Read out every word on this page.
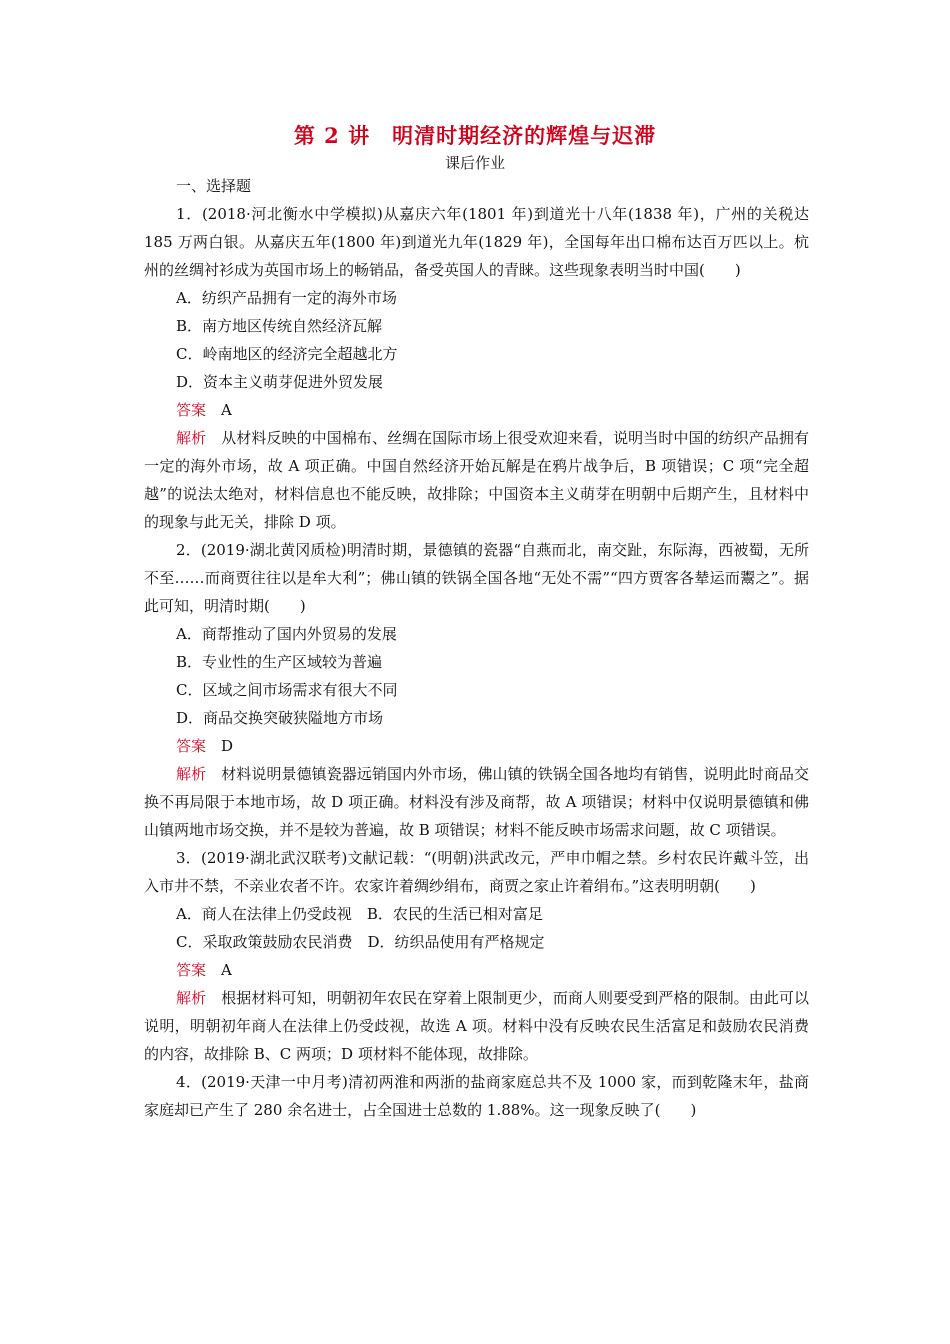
第 2 讲　明清时期经济的辉煌与迟滞
课后作业

一、选择题

1．(2018·河北衡水中学模拟)从嘉庆六年(1801 年)到道光十八年(1838 年)，广州的关税达 185 万两白银。从嘉庆五年(1800 年)到道光九年(1829 年)，全国每年出口棉布达百万匹以上。杭州的丝绸衬衫成为英国市场上的畅销品，备受英国人的青睐。这些现象表明当时中国(　　)

A．纺织产品拥有一定的海外市场

B．南方地区传统自然经济瓦解

C．岭南地区的经济完全超越北方

D．资本主义萌芽促进外贸发展

答案　 A

解析　 从材料反映的中国棉布、丝绸在国际市场上很受欢迎来看，说明当时中国的纺织产品拥有一定的海外市场，故 A 项正确。中国自然经济开始瓦解是在鸦片战争后，B 项错误；C 项“完全超越”的说法太绝对，材料信息也不能反映，故排除；中国资本主义萌芽在明朝中后期产生，且材料中的现象与此无关，排除 D 项。

2．(2019·湖北黄冈质检)明清时期，景德镇的瓷器“自燕而北，南交趾，东际海，西被蜀，无所不至……而商贾往往以是牟大利”；佛山镇的铁锅全国各地“无处不需”“四方贾客各辇运而鬻之”。据此可知，明清时期(　　)

A．商帮推动了国内外贸易的发展

B．专业性的生产区域较为普遍

C．区域之间市场需求有很大不同

D．商品交换突破狭隘地方市场

答案　 D

解析　 材料说明景德镇瓷器远销国内外市场，佛山镇的铁锅全国各地均有销售，说明此时商品交换不再局限于本地市场，故 D 项正确。材料没有涉及商帮，故 A 项错误；材料中仅说明景德镇和佛山镇两地市场交换，并不是较为普遍，故 B 项错误；材料不能反映市场需求问题，故 C 项错误。

3．(2019·湖北武汉联考)文献记载：“(明朝)洪武改元，严申巾帽之禁。乡村农民许戴斗笠，出入市井不禁，不亲业农者不许。农家许着绸纱绢布，商贾之家止许着绢布。”这表明明朝(　　)

A．商人在法律上仍受歧视　B．农民的生活已相对富足

C．采取政策鼓励农民消费　D．纺织品使用有严格规定

答案　 A

解析　 根据材料可知，明朝初年农民在穿着上限制更少，而商人则要受到严格的限制。由此可以说明，明朝初年商人在法律上仍受歧视，故选 A 项。材料中没有反映农民生活富足和鼓励农民消费的内容，故排除 B、C 两项；D 项材料不能体现，故排除。

4．(2019·天津一中月考)清初两淮和两浙的盐商家庭总共不及 1000 家，而到乾隆末年，盐商家庭却已产生了 280 余名进士，占全国进士总数的 1.88%。这一现象反映了(　　)
